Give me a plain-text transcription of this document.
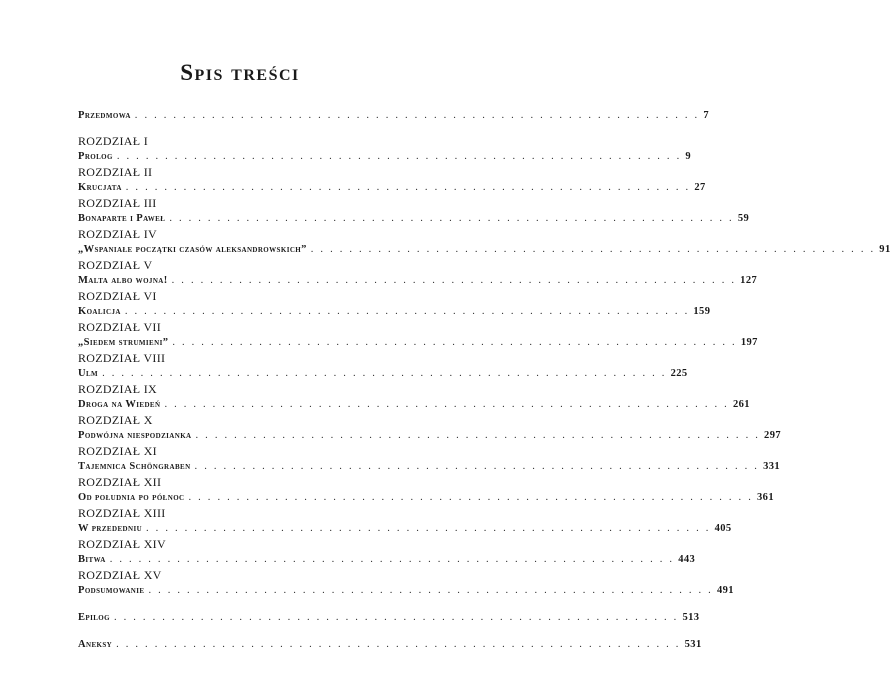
Spis treści
Przedmowa . . . . . . . . . . . . . . . . . . . . . . . . . . . . . . . . . . . . . . . . . . . . . . . . . . . . . . . . . . . 7
ROZDZIAŁ I
Prolog . . . . . . . . . . . . . . . . . . . . . . . . . . . . . . . . . . . . . . . . . . . . . . . . . . . . . . . . . . . 9
ROZDZIAŁ II
Krucjata . . . . . . . . . . . . . . . . . . . . . . . . . . . . . . . . . . . . . . . . . . . . . . . . . . . . . . . . . . . 27
ROZDZIAŁ III
Bonaparte i Paweł . . . . . . . . . . . . . . . . . . . . . . . . . . . . . . . . . . . . . . . . . . . . . . . . . . . . . . . . . . . 59
ROZDZIAŁ IV
„Wspaniałe początki czasów aleksandrowskich” . . . . . . . . . . . . . . . . . . . . . . . . . . . . . . . . . . . . . . . . . . . . . . . . . . . . . . . . . . . 91
ROZDZIAŁ V
Malta albo wojna! . . . . . . . . . . . . . . . . . . . . . . . . . . . . . . . . . . . . . . . . . . . . . . . . . . . . . . . . . . . 127
ROZDZIAŁ VI
Koalicja . . . . . . . . . . . . . . . . . . . . . . . . . . . . . . . . . . . . . . . . . . . . . . . . . . . . . . . . . . . 159
ROZDZIAŁ VII
„Siedem strumieni” . . . . . . . . . . . . . . . . . . . . . . . . . . . . . . . . . . . . . . . . . . . . . . . . . . . . . . . . . . . 197
ROZDZIAŁ VIII
Ulm . . . . . . . . . . . . . . . . . . . . . . . . . . . . . . . . . . . . . . . . . . . . . . . . . . . . . . . . . . . 225
ROZDZIAŁ IX
Droga na Wiedeń . . . . . . . . . . . . . . . . . . . . . . . . . . . . . . . . . . . . . . . . . . . . . . . . . . . . . . . . . . . 261
ROZDZIAŁ X
Podwójna niespodzianka . . . . . . . . . . . . . . . . . . . . . . . . . . . . . . . . . . . . . . . . . . . . . . . . . . . . . . . . . . . 297
ROZDZIAŁ XI
Tajemnica Schöngraben . . . . . . . . . . . . . . . . . . . . . . . . . . . . . . . . . . . . . . . . . . . . . . . . . . . . . . . . . . . 331
ROZDZIAŁ XII
Od południa po północ . . . . . . . . . . . . . . . . . . . . . . . . . . . . . . . . . . . . . . . . . . . . . . . . . . . . . . . . . . . 361
ROZDZIAŁ XIII
W przededniu . . . . . . . . . . . . . . . . . . . . . . . . . . . . . . . . . . . . . . . . . . . . . . . . . . . . . . . . . . . 405
ROZDZIAŁ XIV
Bitwa . . . . . . . . . . . . . . . . . . . . . . . . . . . . . . . . . . . . . . . . . . . . . . . . . . . . . . . . . . . 443
ROZDZIAŁ XV
Podsumowanie . . . . . . . . . . . . . . . . . . . . . . . . . . . . . . . . . . . . . . . . . . . . . . . . . . . . . . . . . . . 491
Epilog . . . . . . . . . . . . . . . . . . . . . . . . . . . . . . . . . . . . . . . . . . . . . . . . . . . . . . . . . . . 513
Aneksy . . . . . . . . . . . . . . . . . . . . . . . . . . . . . . . . . . . . . . . . . . . . . . . . . . . . . . . . . . . 531
